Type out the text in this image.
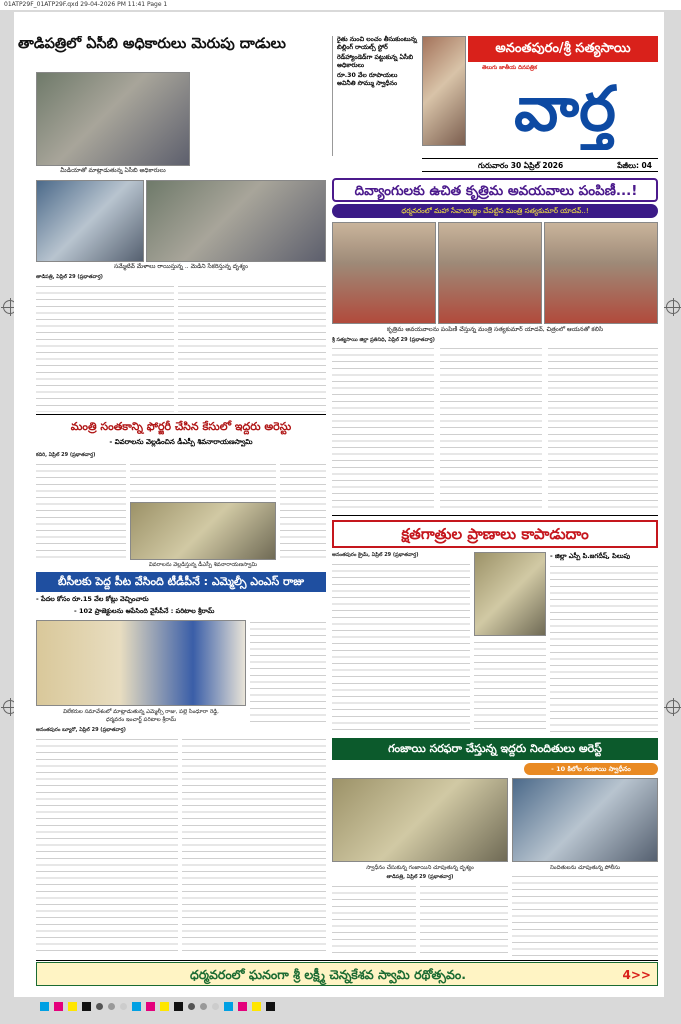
01ATP29F_01ATP29F.qxd 29-04-2026 PM 11:41 Page 1
తాడిపత్రిలో ఏసీబి అధికారులు మెరుపు దాడులు
మీడియాతో మాట్లాడుతున్న ఏసీబి అధికారులు
సమ్మేటివ్ మేళాలు రాయిస్తున్న .. మెడిని సేకరిస్తున్న దృశ్యం
తాడిపత్రి, ఏప్రిల్ 29 (ప్రభాతవార్త)
రైతు నుంచి లంచం తీసుకుంటున్న బిల్లింగ్ రాయల్స్ స్టోర్
రెడ్‌హ్యాండెడ్‌గా పట్టుకున్న ఏసీబి అధికారులు
రూ.30 వేల రూపాయలు అవినీతి సొమ్ము స్వాధీనం
అనంతపురం/శ్రీ సత్యసాయి
తెలుగు జాతీయ దినపత్రిక
వార్త
గురువారం 30 ఏప్రిల్ 2026	పేజీలు: 04
దివ్యాంగులకు ఉచిత కృత్రిమ అవయవాలు పంపిణీ...!
ధర్మవరంలో మహా సేవాయజ్ఞం చేపట్టిన మంత్రి సత్యకుమార్ యాదవ్..!
కృత్రిమ అవయవాలను పంపిణీ చేస్తున్న మంత్రి సత్యకుమార్ యాదవ్, చిత్రంలో ఆయనతో కలిసి
శ్రీ సత్యసాయి జిల్లా ప్రతినిధి, ఏప్రిల్ 29 (ప్రభాతవార్త)
మంత్రి సంతకాన్ని ఫోర్జరీ చేసిన కేసులో ఇద్దరు అరెస్టు
- వివరాలను వెల్లడించిన డీఎస్పీ శివనారాయణస్వామి
కదిరి, ఏప్రిల్ 29 (ప్రభాతవార్త)
వివరాలను వెల్లడిస్తున్న డీఎస్పీ శివనారాయణస్వామి
క్షతగాత్రుల ప్రాణాలు కాపాడుదాం
అనంతపురం క్రైమ్, ఏప్రిల్ 29 (ప్రభాతవార్త)	- జిల్లా ఎస్పీ పి.జగదీష్, పిలుపు
బీసీలకు పెద్ద పీట వేసింది టీడీపీనే : ఎమ్మెల్సీ ఎంఎస్ రాజు
- పేదల కోసం రూ.15 వేల కోట్లు వెచ్చించారు
- 102 ప్రాజెక్టులను ఆపేసింది వైసీపీనే : పరిటాల శ్రీరామ్
విలేకరుల సమావేశంలో మాట్లాడుతున్న ఎమ్మెల్సీ రాజు, పల్లె సింధూరా రెడ్డి,
ధర్మవరం ఇంచార్జ్ పరిటాల శ్రీరామ్
అనంతపురం బ్యూరో, ఏప్రిల్ 29 (ప్రభాతవార్త)
గంజాయి సరఫరా చేస్తున్న ఇద్దరు నిందితులు అరెస్ట్
- 10 కిలోల గంజాయి స్వాధీనం
స్వాధీనం చేసుకున్న గంజాయిని చూపుతున్న దృశ్యం	నిందితులను చూపుతున్న పోలీసు
తాడిపత్రి, ఏప్రిల్ 29 (ప్రభాతవార్త)
ధర్మవరంలో ఘనంగా శ్రీ లక్ష్మీ చెన్నకేశవ స్వామి రథోత్సవం.	4>>
